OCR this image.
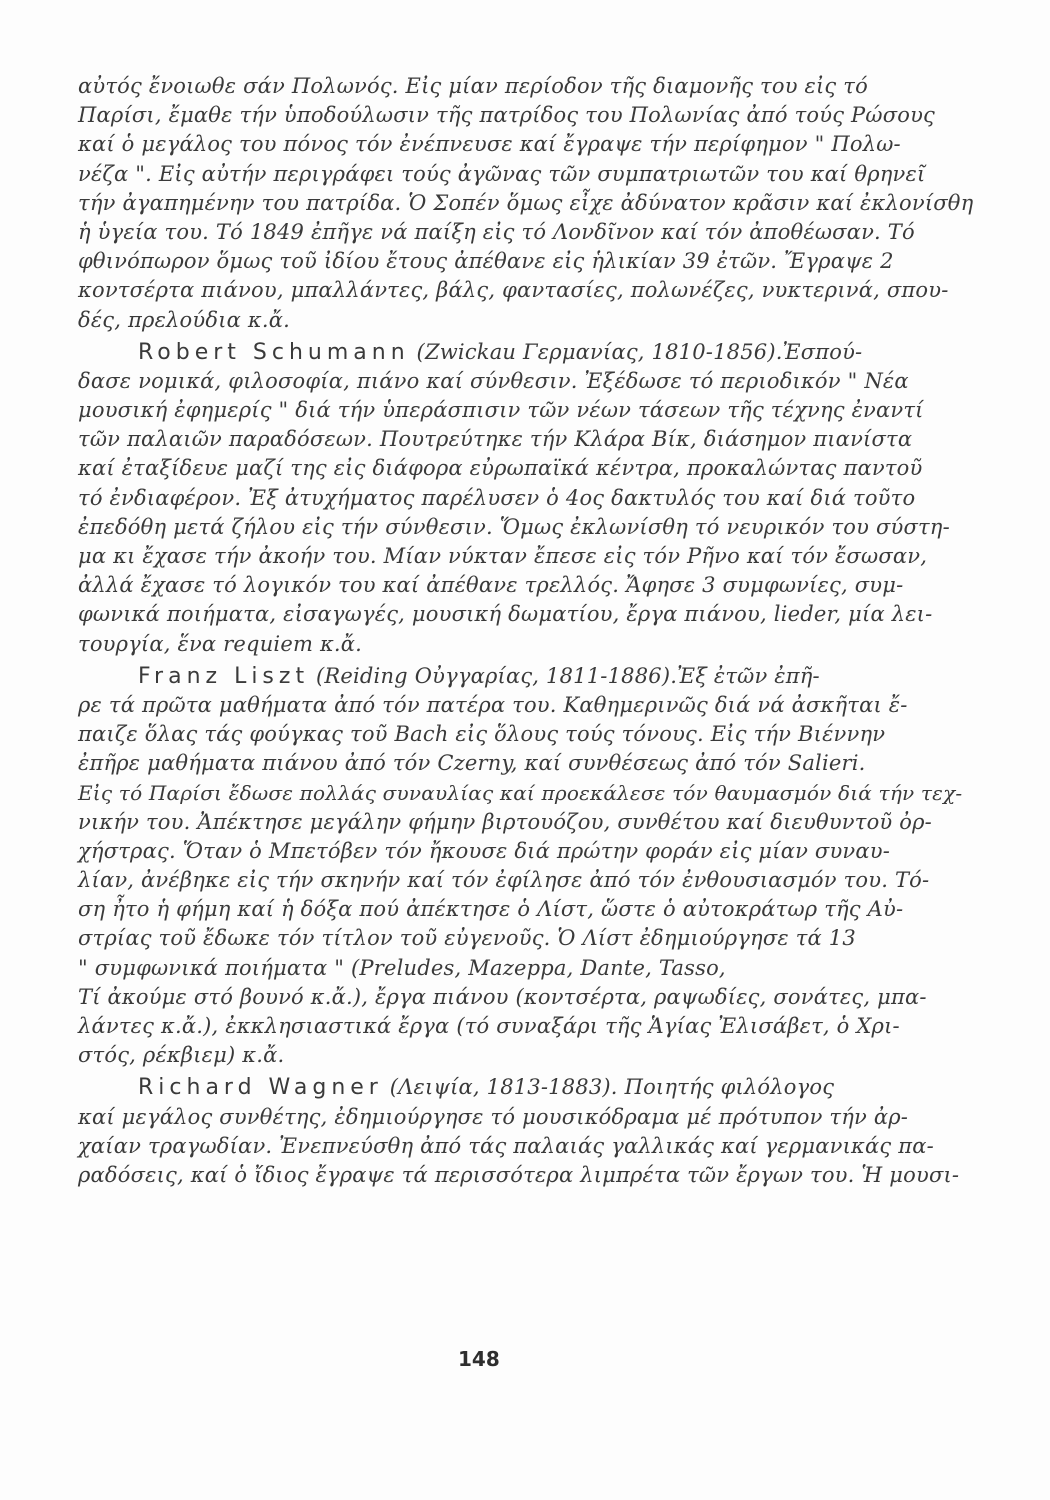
αὐτός ἔνοιωθε σάν Πολωνός. Εἰς μίαν περίοδον τῆς διαμονῆς του εἰς τό
Παρίσι, ἔμαθε τήν ὑποδούλωσιν τῆς πατρίδος του Πολωνίας ἀπό τούς Ρώσους
καί ὁ μεγάλος του πόνος τόν ἐνέπνευσε καί ἔγραψε τήν περίφημον " Πολω-
νέζα ". Εἰς αὐτήν περιγράφει τούς ἀγῶνας τῶν συμπατριωτῶν του καί θρηνεῖ
τήν ἀγαπημένην του πατρίδα. Ὁ Σοπέν ὅμως εἶχε ἀδύνατον κρᾶσιν καί ἐκλονίσθη
ἡ ὑγεία του. Τό 1849 ἐπῆγε νά παίξη εἰς τό Λονδῖνον καί τόν ἀποθέωσαν. Τό
φθινόπωρον ὅμως τοῦ ἰδίου ἔτους ἀπέθανε εἰς ἡλικίαν 39 ἐτῶν. Ἔγραψε 2
κοντσέρτα πιάνου, μπαλλάντες, βάλς, φαντασίες, πολωνέζες, νυκτερινά, σπου-
δές, πρελούδια κ.ἄ.
Robert Schumann (Zwickau Γερμανίας, 1810-1856).Ἐσπού-
δασε νομικά, φιλοσοφία, πιάνο καί σύνθεσιν. Ἐξέδωσε τό περιοδικόν " Νέα
μουσική ἐφημερίς " διά τήν ὑπεράσπισιν τῶν νέων τάσεων τῆς τέχνης ἐναντί
τῶν παλαιῶν παραδόσεων. Πουτρεύτηκε τήν Κλάρα Βίκ, διάσημον πιανίστα
καί ἐταξίδευε μαζί της εἰς διάφορα εὐρωπαϊκά κέντρα, προκαλώντας παντοῦ
τό ἐνδιαφέρον. Ἐξ ἀτυχήματος παρέλυσεν ὁ 4ος δακτυλός του καί διά τοῦτο
ἐπεδόθη μετά ζήλου εἰς τήν σύνθεσιν. Ὅμως ἐκλωνίσθη τό νευρικόν του σύστη-
μα κι ἔχασε τήν ἀκοήν του. Μίαν νύκταν ἔπεσε εἰς τόν Ρῆνο καί τόν ἔσωσαν,
ἀλλά ἔχασε τό λογικόν του καί ἀπέθανε τρελλός. Ἄφησε 3 συμφωνίες, συμ-
φωνικά ποιήματα, εἰσαγωγές, μουσική δωματίου, ἔργα πιάνου, lieder, μία λει-
τουργία, ἕνα requiem κ.ἄ.
Franz Liszt (Reiding Οὐγγαρίας, 1811-1886).Ἐξ ἐτῶν ἐπῆ-
ρε τά πρῶτα μαθήματα ἀπό τόν πατέρα του. Καθημερινῶς διά νά ἀσκῆται ἔ-
παιζε ὅλας τάς φούγκας τοῦ Bach εἰς ὅλους τούς τόνους. Εἰς τήν Βιέννην
ἐπῆρε μαθήματα πιάνου ἀπό τόν Czerny, καί συνθέσεως ἀπό τόν Salieri.
Εἰς τό Παρίσι ἔδωσε πολλάς συναυλίας καί προεκάλεσε τόν θαυμασμόν διά τήν τεχ-
νικήν του. Ἀπέκτησε μεγάλην φήμην βιρτουόζου, συνθέτου καί διευθυντοῦ ὀρ-
χήστρας. Ὅταν ὁ Μπετόβεν τόν ἤκουσε διά πρώτην φοράν εἰς μίαν συναυ-
λίαν, ἀνέβηκε εἰς τήν σκηνήν καί τόν ἐφίλησε ἀπό τόν ἐνθουσιασμόν του. Τό-
ση ἦτο ἡ φήμη καί ἡ δόξα πού ἀπέκτησε ὁ Λίστ, ὥστε ὁ αὐτοκράτωρ τῆς Αὐ-
στρίας τοῦ ἔδωκε τόν τίτλον τοῦ εὐγενοῦς. Ὁ Λίστ ἐδημιούργησε τά 13
" συμφωνικά ποιήματα " (Preludes, Mazeppa, Dante, Tasso,
Τί ἀκούμε στό βουνό κ.ἄ.), ἔργα πιάνου (κοντσέρτα, ραψωδίες, σονάτες, μπα-
λάντες κ.ἄ.), ἐκκλησιαστικά ἔργα (τό συναξάρι τῆς Ἁγίας Ἐλισάβετ, ὁ Χρι-
στός, ρέκβιεμ) κ.ἄ.
Richard Wagner (Λειψία, 1813-1883). Ποιητής φιλόλογος
καί μεγάλος συνθέτης, ἐδημιούργησε τό μουσικόδραμα μέ πρότυπον τήν ἀρ-
χαίαν τραγωδίαν. Ἐνεπνεύσθη ἀπό τάς παλαιάς γαλλικάς καί γερμανικάς πα-
ραδόσεις, καί ὁ ἴδιος ἔγραψε τά περισσότερα λιμπρέτα τῶν ἔργων του. Ἡ μουσι-
148
